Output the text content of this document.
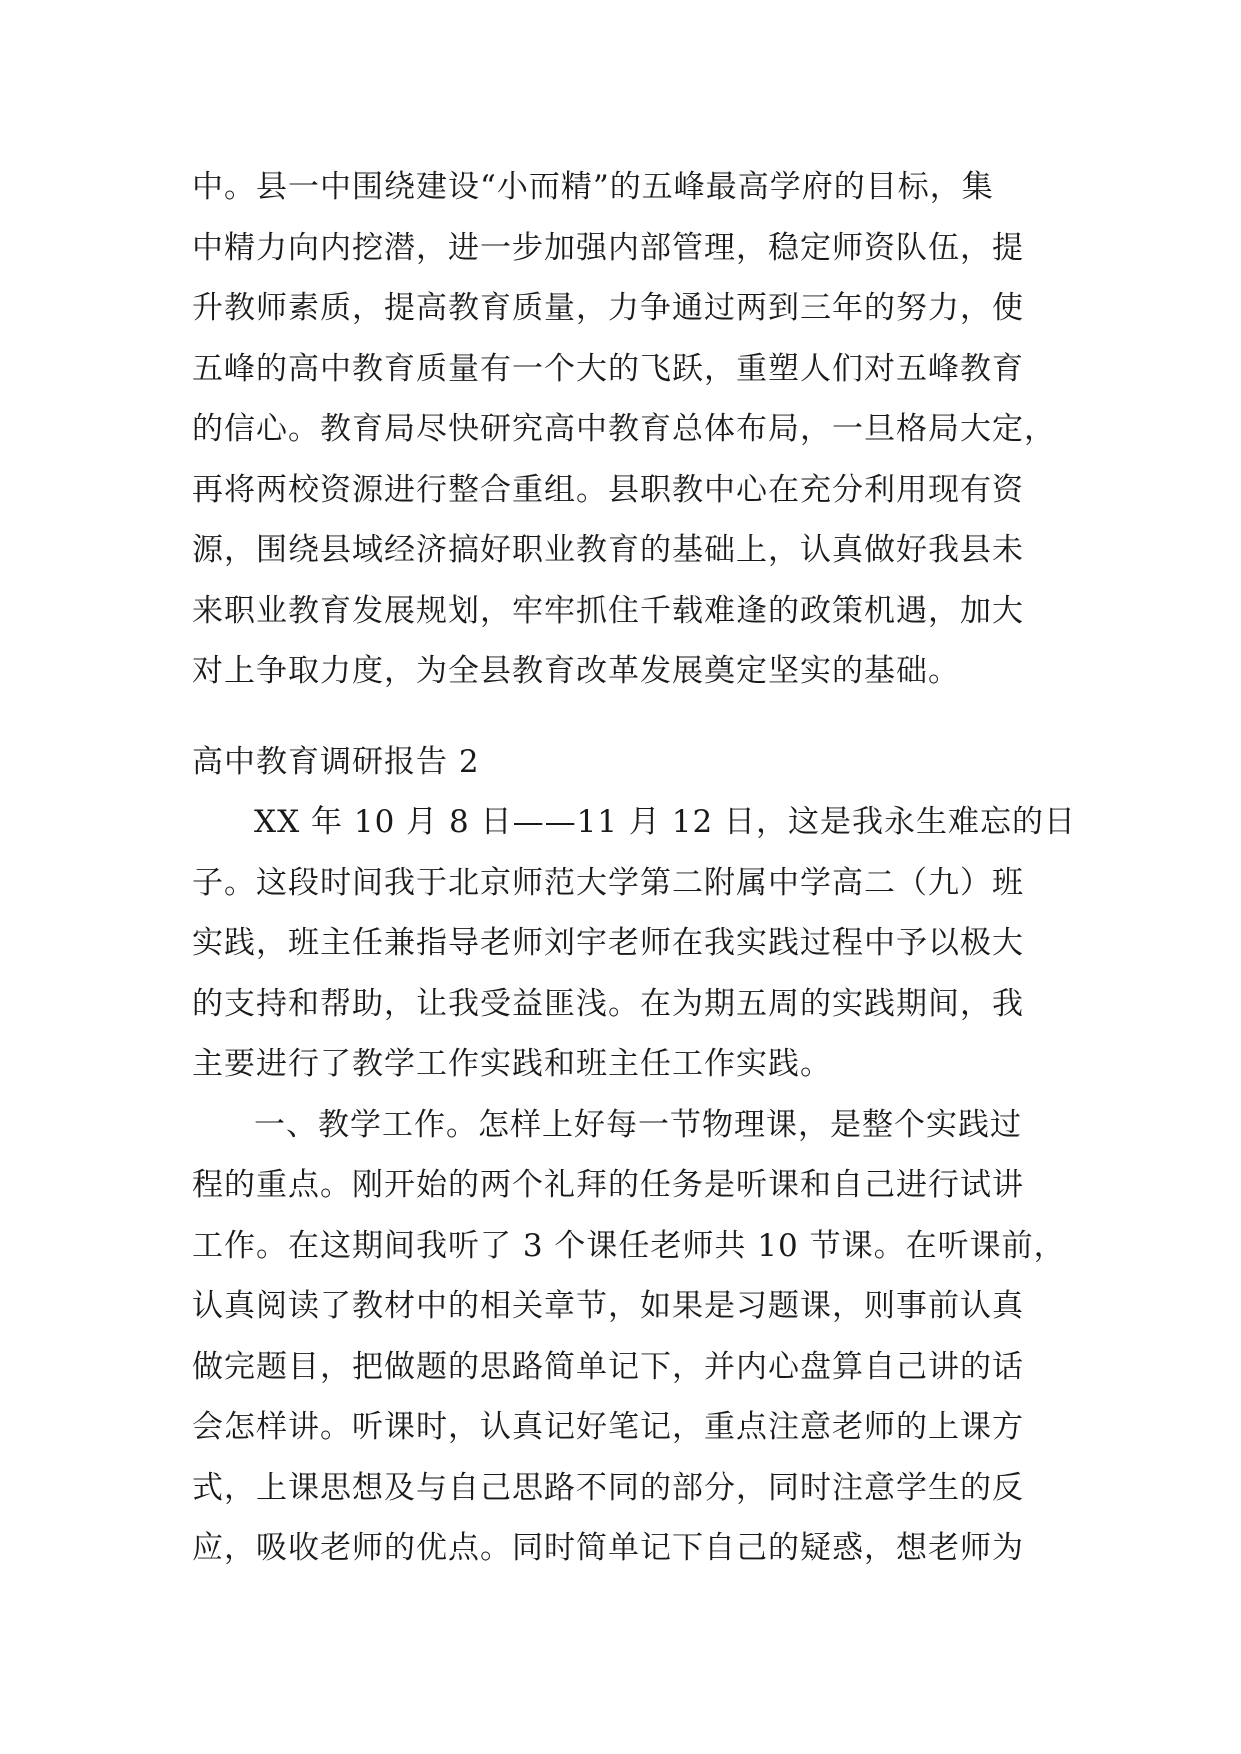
中。县一中围绕建设“小而精”的五峰最高学府的目标，集
中精力向内挖潜，进一步加强内部管理，稳定师资队伍，提
升教师素质，提高教育质量，力争通过两到三年的努力，使
五峰的高中教育质量有一个大的飞跃，重塑人们对五峰教育
的信心。教育局尽快研究高中教育总体布局，一旦格局大定，
再将两校资源进行整合重组。县职教中心在充分利用现有资
源，围绕县域经济搞好职业教育的基础上，认真做好我县未
来职业教育发展规划，牢牢抓住千载难逢的政策机遇，加大
对上争取力度，为全县教育改革发展奠定坚实的基础。
高中教育调研报告 2
XX 年 10 月 8 日——11 月 12 日，这是我永生难忘的日
子。这段时间我于北京师范大学第二附属中学高二（九）班
实践，班主任兼指导老师刘宇老师在我实践过程中予以极大
的支持和帮助，让我受益匪浅。在为期五周的实践期间，我
主要进行了教学工作实践和班主任工作实践。
一、教学工作。怎样上好每一节物理课，是整个实践过
程的重点。刚开始的两个礼拜的任务是听课和自己进行试讲
工作。在这期间我听了 3 个课任老师共 10 节课。在听课前，
认真阅读了教材中的相关章节，如果是习题课，则事前认真
做完题目，把做题的思路简单记下，并内心盘算自己讲的话
会怎样讲。听课时，认真记好笔记，重点注意老师的上课方
式，上课思想及与自己思路不同的部分，同时注意学生的反
应，吸收老师的优点。同时简单记下自己的疑惑，想老师为
